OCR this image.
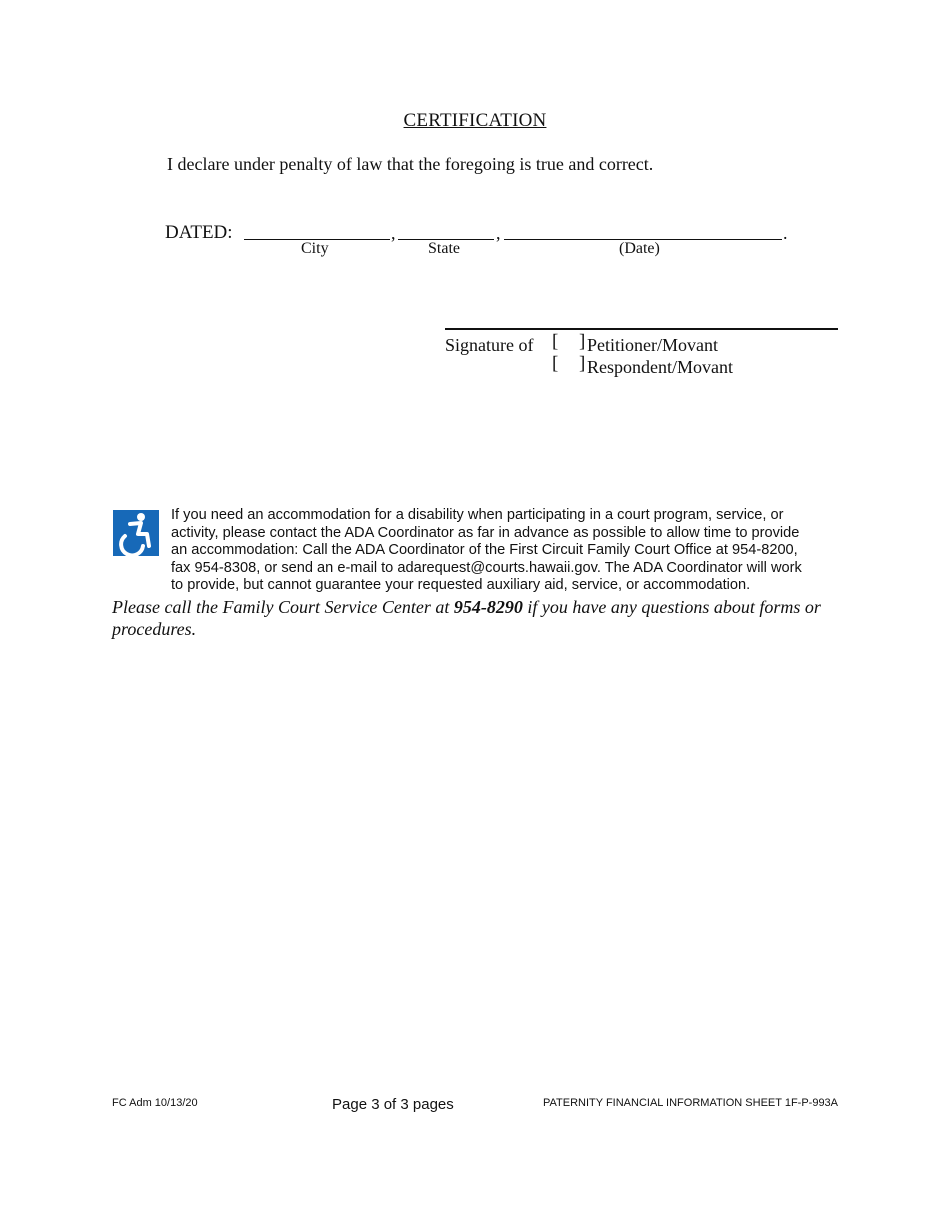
CERTIFICATION
I declare under penalty of law that the foregoing is true and correct.
DATED:	,	,	.
City	State	(Date)
Signature of [ ] Petitioner/Movant
[ ] Respondent/Movant
If you need an accommodation for a disability when participating in a court program, service, or
activity, please contact the ADA Coordinator as far in advance as possible to allow time to provide
an accommodation: Call the ADA Coordinator of the First Circuit Family Court Office at 954-8200,
fax 954-8308, or send an e-mail to adarequest@courts.hawaii.gov. The ADA Coordinator will work
to provide, but cannot guarantee your requested auxiliary aid, service, or accommodation.
Please call the Family Court Service Center at 954-8290 if you have any questions about forms or procedures.
FC Adm 10/13/20	Page 3 of 3 pages	PATERNITY FINANCIAL INFORMATION SHEET 1F-P-993A
